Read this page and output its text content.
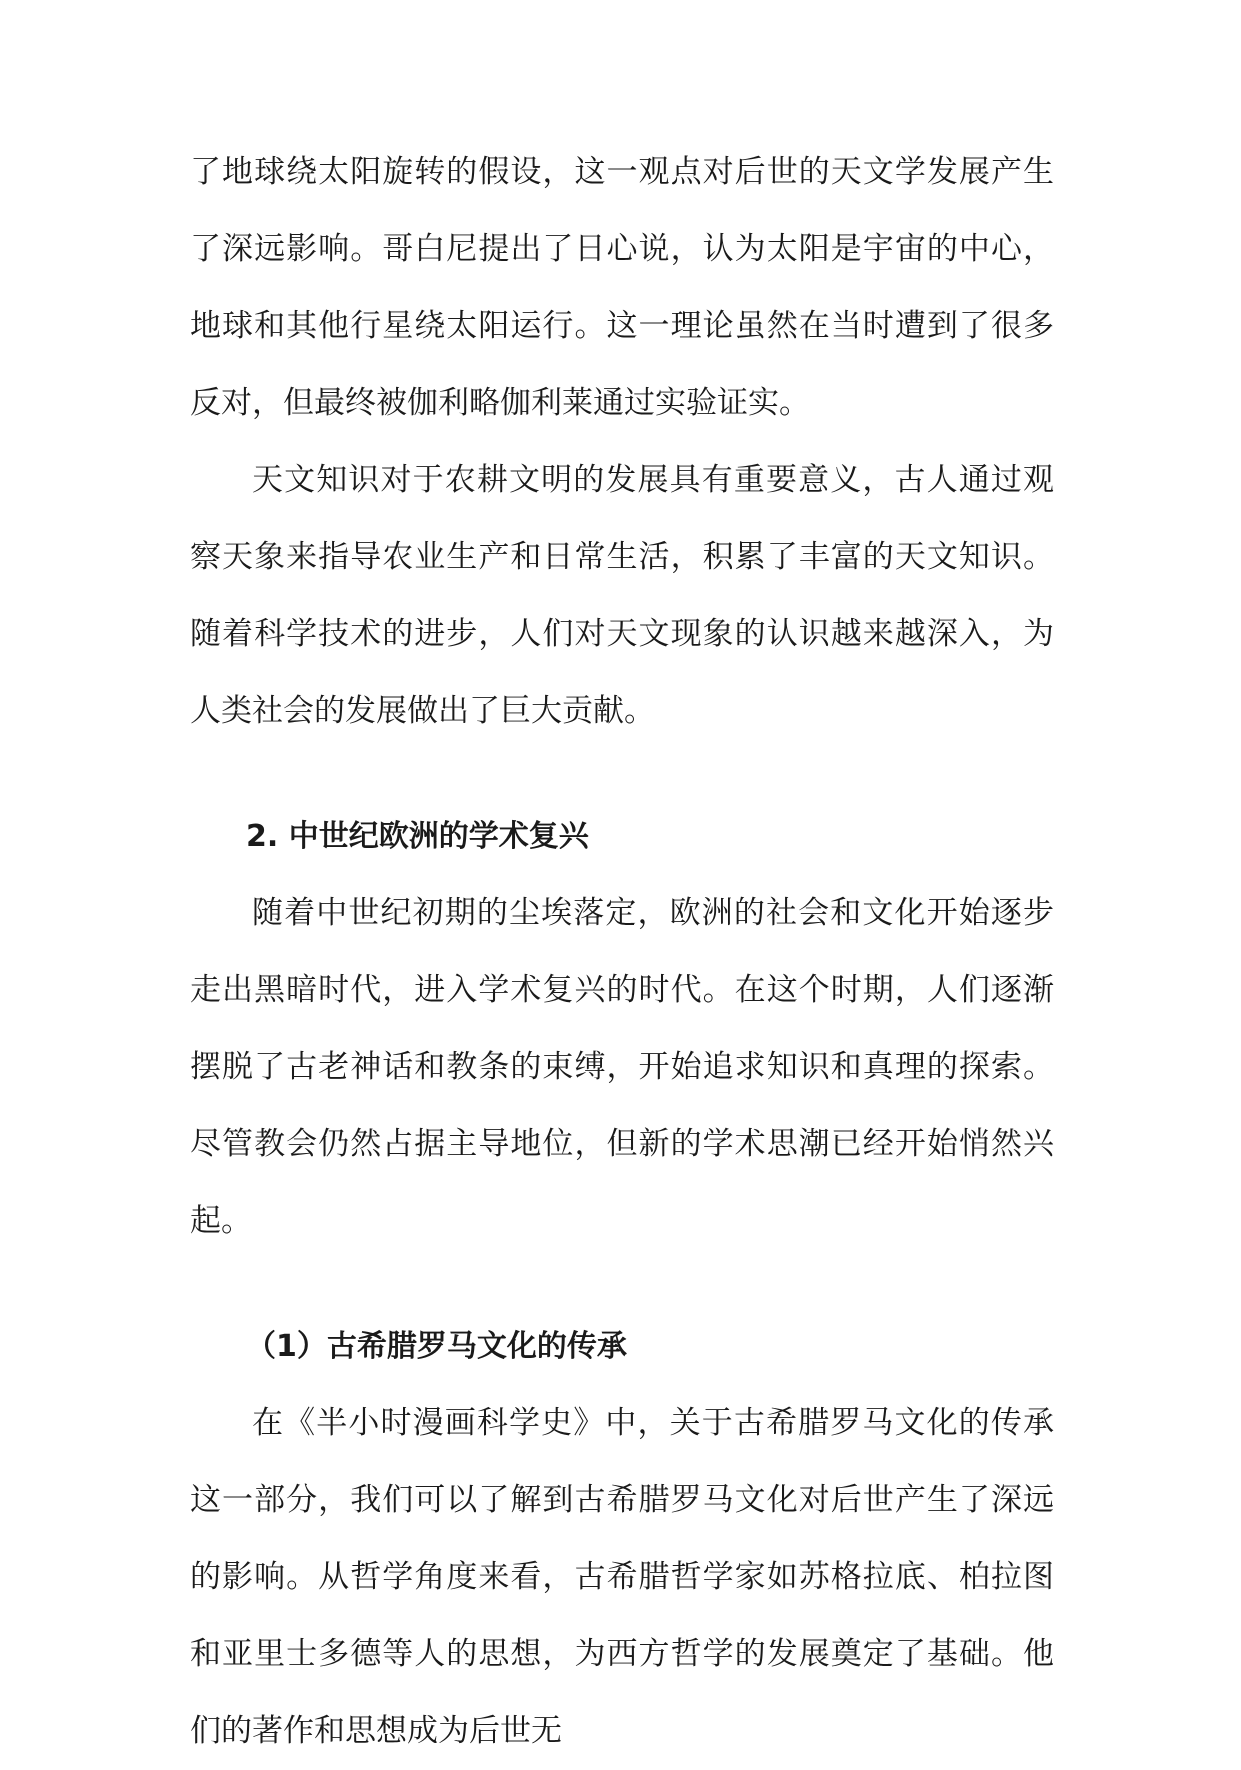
了地球绕太阳旋转的假设，这一观点对后世的天文学发展产生了深远影响。哥白尼提出了日心说，认为太阳是宇宙的中心，地球和其他行星绕太阳运行。这一理论虽然在当时遭到了很多反对，但最终被伽利略伽利莱通过实验证实。

天文知识对于农耕文明的发展具有重要意义，古人通过观察天象来指导农业生产和日常生活，积累了丰富的天文知识。随着科学技术的进步，人们对天文现象的认识越来越深入，为人类社会的发展做出了巨大贡献。

2. 中世纪欧洲的学术复兴

随着中世纪初期的尘埃落定，欧洲的社会和文化开始逐步走出黑暗时代，进入学术复兴的时代。在这个时期，人们逐渐摆脱了古老神话和教条的束缚，开始追求知识和真理的探索。尽管教会仍然占据主导地位，但新的学术思潮已经开始悄然兴起。

（1）古希腊罗马文化的传承

在《半小时漫画科学史》中，关于古希腊罗马文化的传承这一部分，我们可以了解到古希腊罗马文化对后世产生了深远的影响。从哲学角度来看，古希腊哲学家如苏格拉底、柏拉图和亚里士多德等人的思想，为西方哲学的发展奠定了基础。他们的著作和思想成为后世无
